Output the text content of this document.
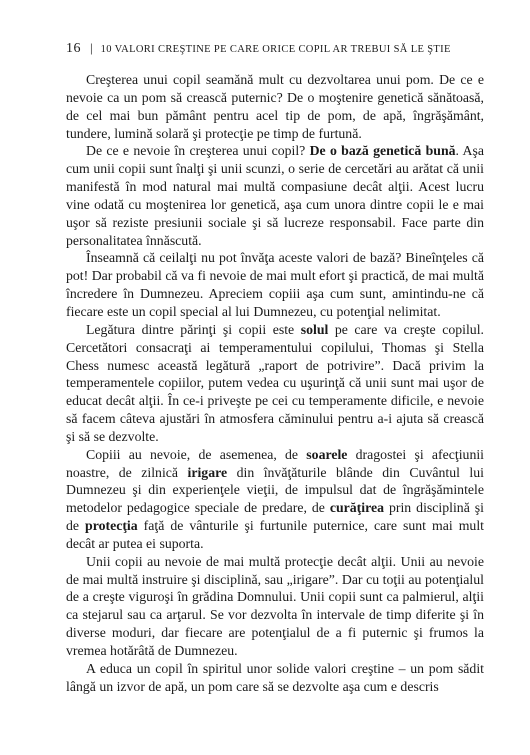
16 | 10 VALORI CREŞTINE PE CARE ORICE COPIL AR TREBUI SĂ LE ŞTIE

Creşterea unui copil seamănă mult cu dezvoltarea unui pom. De ce e nevoie ca un pom să crească puternic? De o moştenire genetică sănătoasă, de cel mai bun pământ pentru acel tip de pom, de apă, îngrăşământ, tundere, lumină solară şi protecţie pe timp de furtună.

De ce e nevoie în creşterea unui copil? De o bază genetică bună. Aşa cum unii copii sunt înalţi şi unii scunzi, o serie de cercetări au arătat că unii manifestă în mod natural mai multă compasiune decât alţii. Acest lucru vine odată cu moştenirea lor genetică, aşa cum unora dintre copii le e mai uşor să reziste presiunii sociale şi să lucreze responsabil. Face parte din personalitatea înnăscută.

Înseamnă că ceilalţi nu pot învăţa aceste valori de bază? Bineînţeles că pot! Dar probabil că va fi nevoie de mai mult efort şi practică, de mai multă încredere în Dumnezeu. Apreciem copiii aşa cum sunt, amintindu-ne că fiecare este un copil special al lui Dumnezeu, cu potenţial nelimitat.

Legătura dintre părinţi şi copii este solul pe care va creşte copilul. Cercetători consacraţi ai temperamentului copilului, Thomas şi Stella Chess numesc această legătură „raport de potrivire”. Dacă privim la temperamentele copiilor, putem vedea cu uşurinţă că unii sunt mai uşor de educat decât alţii. În ce-i priveşte pe cei cu temperamente dificile, e nevoie să facem câteva ajustări în atmosfera căminului pentru a-i ajuta să crească şi să se dezvolte.

Copiii au nevoie, de asemenea, de soarele dragostei şi afecţiunii noastre, de zilnică irigare din învăţăturile blânde din Cuvântul lui Dumnezeu şi din experienţele vieţii, de impulsul dat de îngrăşămintele metodelor pedagogice speciale de predare, de curăţirea prin disciplină şi de protecţia faţă de vânturile şi furtunile puternice, care sunt mai mult decât ar putea ei suporta.

Unii copii au nevoie de mai multă protecţie decât alţii. Unii au nevoie de mai multă instruire şi disciplină, sau „irigare”. Dar cu toţii au potenţialul de a creşte viguroşi în grădina Domnului. Unii copii sunt ca palmierul, alţii ca stejarul sau ca arţarul. Se vor dezvolta în intervale de timp diferite şi în diverse moduri, dar fiecare are potenţialul de a fi puternic şi frumos la vremea hotărâtă de Dumnezeu.

A educa un copil în spiritul unor solide valori creştine – un pom sădit lângă un izvor de apă, un pom care să se dezvolte aşa cum e descris
